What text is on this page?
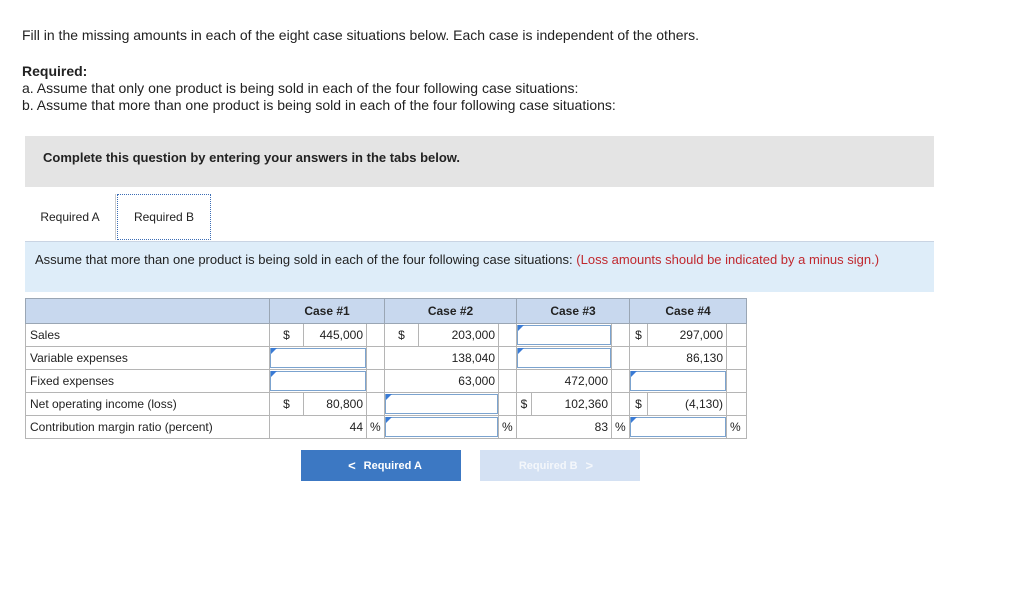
Fill in the missing amounts in each of the eight case situations below. Each case is independent of the others.

Required:
a. Assume that only one product is being sold in each of the four following case situations:
b. Assume that more than one product is being sold in each of the four following case situations:
Complete this question by entering your answers in the tabs below.
Required A	Required B
Assume that more than one product is being sold in each of the four following case situations: (Loss amounts should be indicated by a minus sign.)
	Case #1			Case #2			Case #3			Case #4		
Sales	$	445,000		$	203,000					$	297,000	
Variable expenses				138,040						86,130		
Fixed expenses				63,000			472,000				

Net operating income (loss)	$	80,800					$	102,360		$	(4,130)	
Contribution margin ratio (percent)	44		%			%	83		%			%
< Required A	Required B >
